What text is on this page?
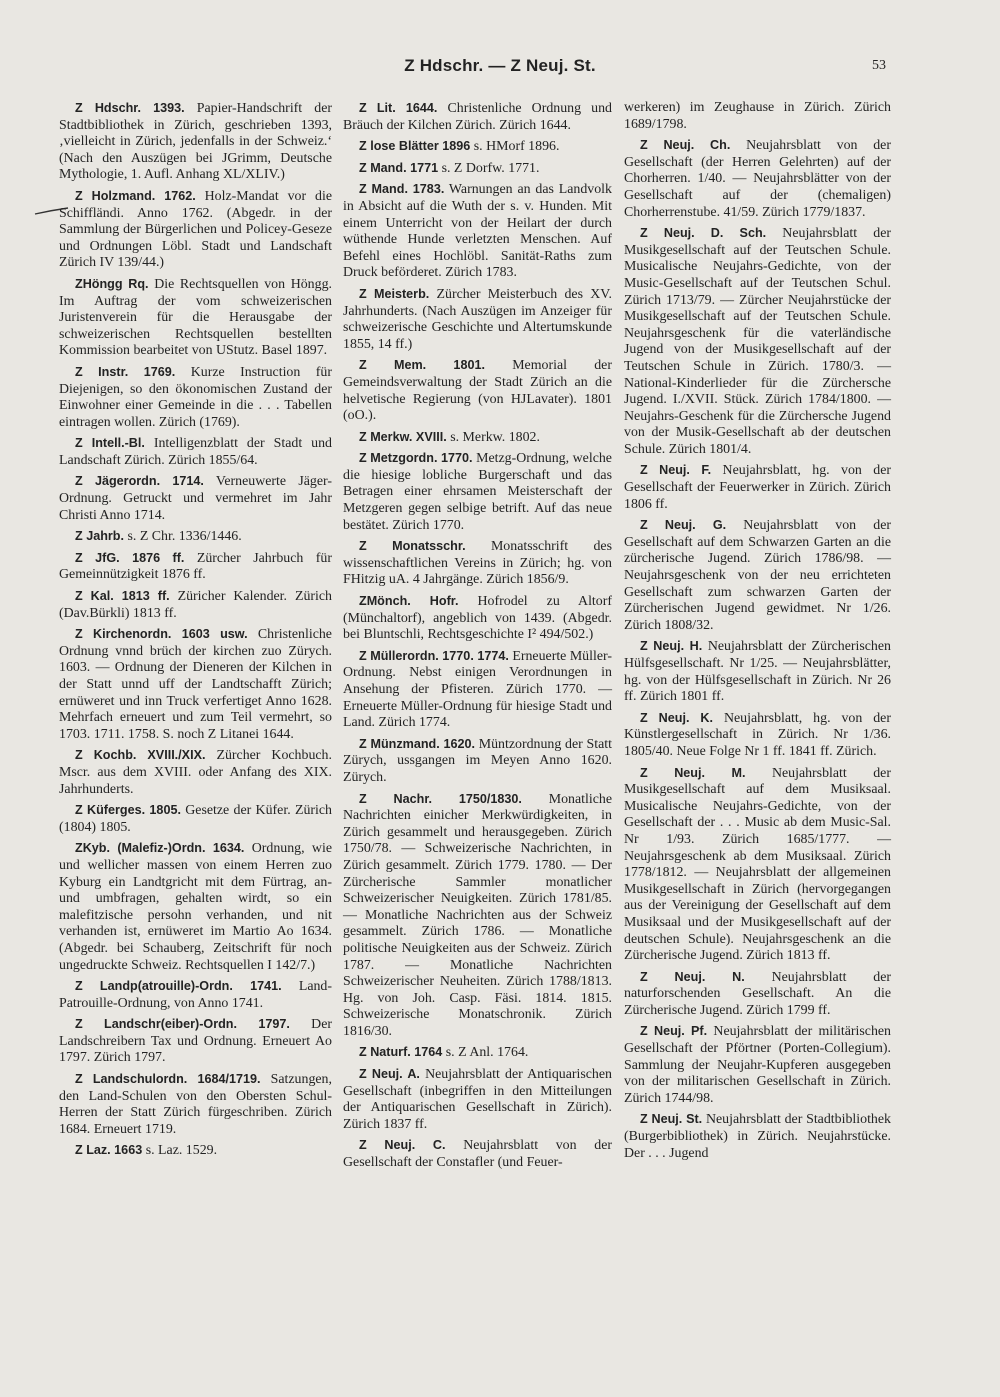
Z Hdschr. — Z Neuj. St.	53

Z Hdschr. 1393. Papier-Handschrift der Stadtbibliothek in Zürich, geschrieben 1393, ‚vielleicht in Zürich, jedenfalls in der Schweiz.‘ (Nach den Auszügen bei JGrimm, Deutsche Mythologie, 1. Aufl. Anhang XL/XLIV.)

Z Holzmand. 1762. Holz-Mandat vor die Schiffländi. Anno 1762. (Abgedr. in der Sammlung der Bürgerlichen und Policey-Geseze und Ordnungen Löbl. Stadt und Landschaft Zürich IV 139/44.)

ZHöngg Rq. Die Rechtsquellen von Höngg. Im Auftrag der vom schweizerischen Juristenverein für die Herausgabe der schweizerischen Rechtsquellen bestellten Kommission bearbeitet von UStutz. Basel 1897.

Z Instr. 1769. Kurze Instruction für Diejenigen, so den ökonomischen Zustand der Einwohner einer Gemeinde in die . . . Tabellen eintragen wollen. Zürich (1769).

Z Intell.-Bl. Intelligenzblatt der Stadt und Landschaft Zürich. Zürich 1855/64.

Z Jägerordn. 1714. Verneuwerte Jäger-Ordnung. Getruckt und vermehret im Jahr Christi Anno 1714.

Z Jahrb. s. Z Chr. 1336/1446.

Z JfG. 1876 ff. Zürcher Jahrbuch für Gemeinnützigkeit 1876 ff.

Z Kal. 1813 ff. Züricher Kalender. Zürich (Dav.Bürkli) 1813 ff.

Z Kirchenordn. 1603 usw. Christenliche Ordnung vnnd brüch der kirchen zuo Zürych. 1603. — Ordnung der Dieneren der Kilchen in der Statt unnd uff der Landtschafft Zürich; ernüweret und inn Truck verfertiget Anno 1628. Mehrfach erneuert und zum Teil vermehrt, so 1703. 1711. 1758. S. noch Z Litanei 1644.

Z Kochb. XVIII./XIX. Zürcher Kochbuch. Mscr. aus dem XVIII. oder Anfang des XIX. Jahrhunderts.

Z Küferges. 1805. Gesetze der Küfer. Zürich (1804) 1805.

ZKyb. (Malefiz-)Ordn. 1634. Ordnung, wie und wellicher massen von einem Herren zuo Kyburg ein Landtgricht mit dem Fürtrag, an- und umbfragen, gehalten wirdt, so ein malefitzische persohn verhanden, und nit verhanden ist, ernüweret im Martio Ao 1634. (Abgedr. bei Schauberg, Zeitschrift für noch ungedruckte Schweiz. Rechtsquellen I 142/7.)

Z Landp(atrouille)-Ordn. 1741. Land-Patrouille-Ordnung, von Anno 1741.

Z Landschr(eiber)-Ordn. 1797. Der Landschreibern Tax und Ordnung. Erneuert Ao 1797. Zürich 1797.

Z Landschulordn. 1684/1719. Satzungen, den Land-Schulen von den Obersten Schul-Herren der Statt Zürich fürgeschriben. Zürich 1684. Erneuert 1719.

Z Laz. 1663 s. Laz. 1529.

Z Lit. 1644. Christenliche Ordnung und Bräuch der Kilchen Zürich. Zürich 1644.

Z lose Blätter 1896 s. HMorf 1896.

Z Mand. 1771 s. Z Dorfw. 1771.

Z Mand. 1783. Warnungen an das Landvolk in Absicht auf die Wuth der s. v. Hunden. Mit einem Unterricht von der Heilart der durch wüthende Hunde verletzten Menschen. Auf Befehl eines Hochlöbl. Sanität-Raths zum Druck beförderet. Zürich 1783.

Z Meisterb. Zürcher Meisterbuch des XV. Jahrhunderts. (Nach Auszügen im Anzeiger für schweizerische Geschichte und Altertumskunde 1855, 14 ff.)

Z Mem. 1801. Memorial der Gemeindsverwaltung der Stadt Zürich an die helvetische Regierung (von HJLavater). 1801 (oO.).

Z Merkw. XVIII. s. Merkw. 1802.

Z Metzgordn. 1770. Metzg-Ordnung, welche die hiesige lobliche Burgerschaft und das Betragen einer ehrsamen Meisterschaft der Metzgeren gegen selbige betrift. Auf das neue bestätet. Zürich 1770.

Z Monatsschr. Monatsschrift des wissenschaftlichen Vereins in Zürich; hg. von FHitzig uA. 4 Jahrgänge. Zürich 1856/9.

ZMönch. Hofr. Hofrodel zu Altorf (Münchaltorf), angeblich von 1439. (Abgedr. bei Bluntschli, Rechtsgeschichte I² 494/502.)

Z Müllerordn. 1770. 1774. Erneuerte Müller-Ordnung. Nebst einigen Verordnungen in Ansehung der Pfisteren. Zürich 1770. — Erneuerte Müller-Ordnung für hiesige Stadt und Land. Zürich 1774.

Z Münzmand. 1620. Müntzordnung der Statt Zürych, ussgangen im Meyen Anno 1620. Zürych.

Z Nachr. 1750/1830. Monatliche Nachrichten einicher Merkwürdigkeiten, in Zürich gesammelt und herausgegeben. Zürich 1750/78. — Schweizerische Nachrichten, in Zürich gesammelt. Zürich 1779. 1780. — Der Zürcherische Sammler monatlicher Schweizerischer Neuigkeiten. Zürich 1781/85. — Monatliche Nachrichten aus der Schweiz gesammelt. Zürich 1786. — Monatliche politische Neuigkeiten aus der Schweiz. Zürich 1787. — Monatliche Nachrichten Schweizerischer Neuheiten. Zürich 1788/1813. Hg. von Joh. Casp. Fäsi. 1814. 1815. Schweizerische Monatschronik. Zürich 1816/30.

Z Naturf. 1764 s. Z Anl. 1764.

Z Neuj. A. Neujahrsblatt der Antiquarischen Gesellschaft (inbegriffen in den Mitteilungen der Antiquarischen Gesellschaft in Zürich). Zürich 1837 ff.

Z Neuj. C. Neujahrsblatt von der Gesellschaft der Constafler (und Feuer-

werkeren) im Zeughause in Zürich. Zürich 1689/1798.

Z Neuj. Ch. Neujahrsblatt von der Gesellschaft (der Herren Gelehrten) auf der Chorherren. 1/40. — Neujahrsblätter von der Gesellschaft auf der (chemaligen) Chorherrenstube. 41/59. Zürich 1779/1837.

Z Neuj. D. Sch. Neujahrsblatt der Musikgesellschaft auf der Teutschen Schule. Musicalische Neujahrs-Gedichte, von der Music-Gesellschaft auf der Teutschen Schul. Zürich 1713/79. — Zürcher Neujahrstücke der Musikgesellschaft auf der Teutschen Schule. Neujahrsgeschenk für die vaterländische Jugend von der Musikgesellschaft auf der Teutschen Schule in Zürich. 1780/3. — National-Kinderlieder für die Zürchersche Jugend. I./XVII. Stück. Zürich 1784/1800. — Neujahrs-Geschenk für die Zürchersche Jugend von der Musik-Gesellschaft ab der deutschen Schule. Zürich 1801/4.

Z Neuj. F. Neujahrsblatt, hg. von der Gesellschaft der Feuerwerker in Zürich. Zürich 1806 ff.

Z Neuj. G. Neujahrsblatt von der Gesellschaft auf dem Schwarzen Garten an die zürcherische Jugend. Zürich 1786/98. — Neujahrsgeschenk von der neu errichteten Gesellschaft zum schwarzen Garten der Zürcherischen Jugend gewidmet. Nr 1/26. Zürich 1808/32.

Z Neuj. H. Neujahrsblatt der Zürcherischen Hülfsgesellschaft. Nr 1/25. — Neujahrsblätter, hg. von der Hülfsgesellschaft in Zürich. Nr 26 ff. Zürich 1801 ff.

Z Neuj. K. Neujahrsblatt, hg. von der Künstlergesellschaft in Zürich. Nr 1/36. 1805/40. Neue Folge Nr 1 ff. 1841 ff. Zürich.

Z Neuj. M. Neujahrsblatt der Musikgesellschaft auf dem Musiksaal. Musicalische Neujahrs-Gedichte, von der Gesellschaft der . . . Music ab dem Music-Sal. Nr 1/93. Zürich 1685/1777. — Neujahrsgeschenk ab dem Musiksaal. Zürich 1778/1812. — Neujahrsblatt der allgemeinen Musikgesellschaft in Zürich (hervorgegangen aus der Vereinigung der Gesellschaft auf dem Musiksaal und der Musikgesellschaft auf der deutschen Schule). Neujahrsgeschenk an die Zürcherische Jugend. Zürich 1813 ff.

Z Neuj. N. Neujahrsblatt der naturforschenden Gesellschaft. An die Zürcherische Jugend. Zürich 1799 ff.

Z Neuj. Pf. Neujahrsblatt der militärischen Gesellschaft der Pförtner (Porten-Collegium). Sammlung der Neujahr-Kupferen ausgegeben von der militarischen Gesellschaft in Zürich. Zürich 1744/98.

Z Neuj. St. Neujahrsblatt der Stadtbibliothek (Burgerbibliothek) in Zürich. Neujahrstücke. Der . . . Jugend
